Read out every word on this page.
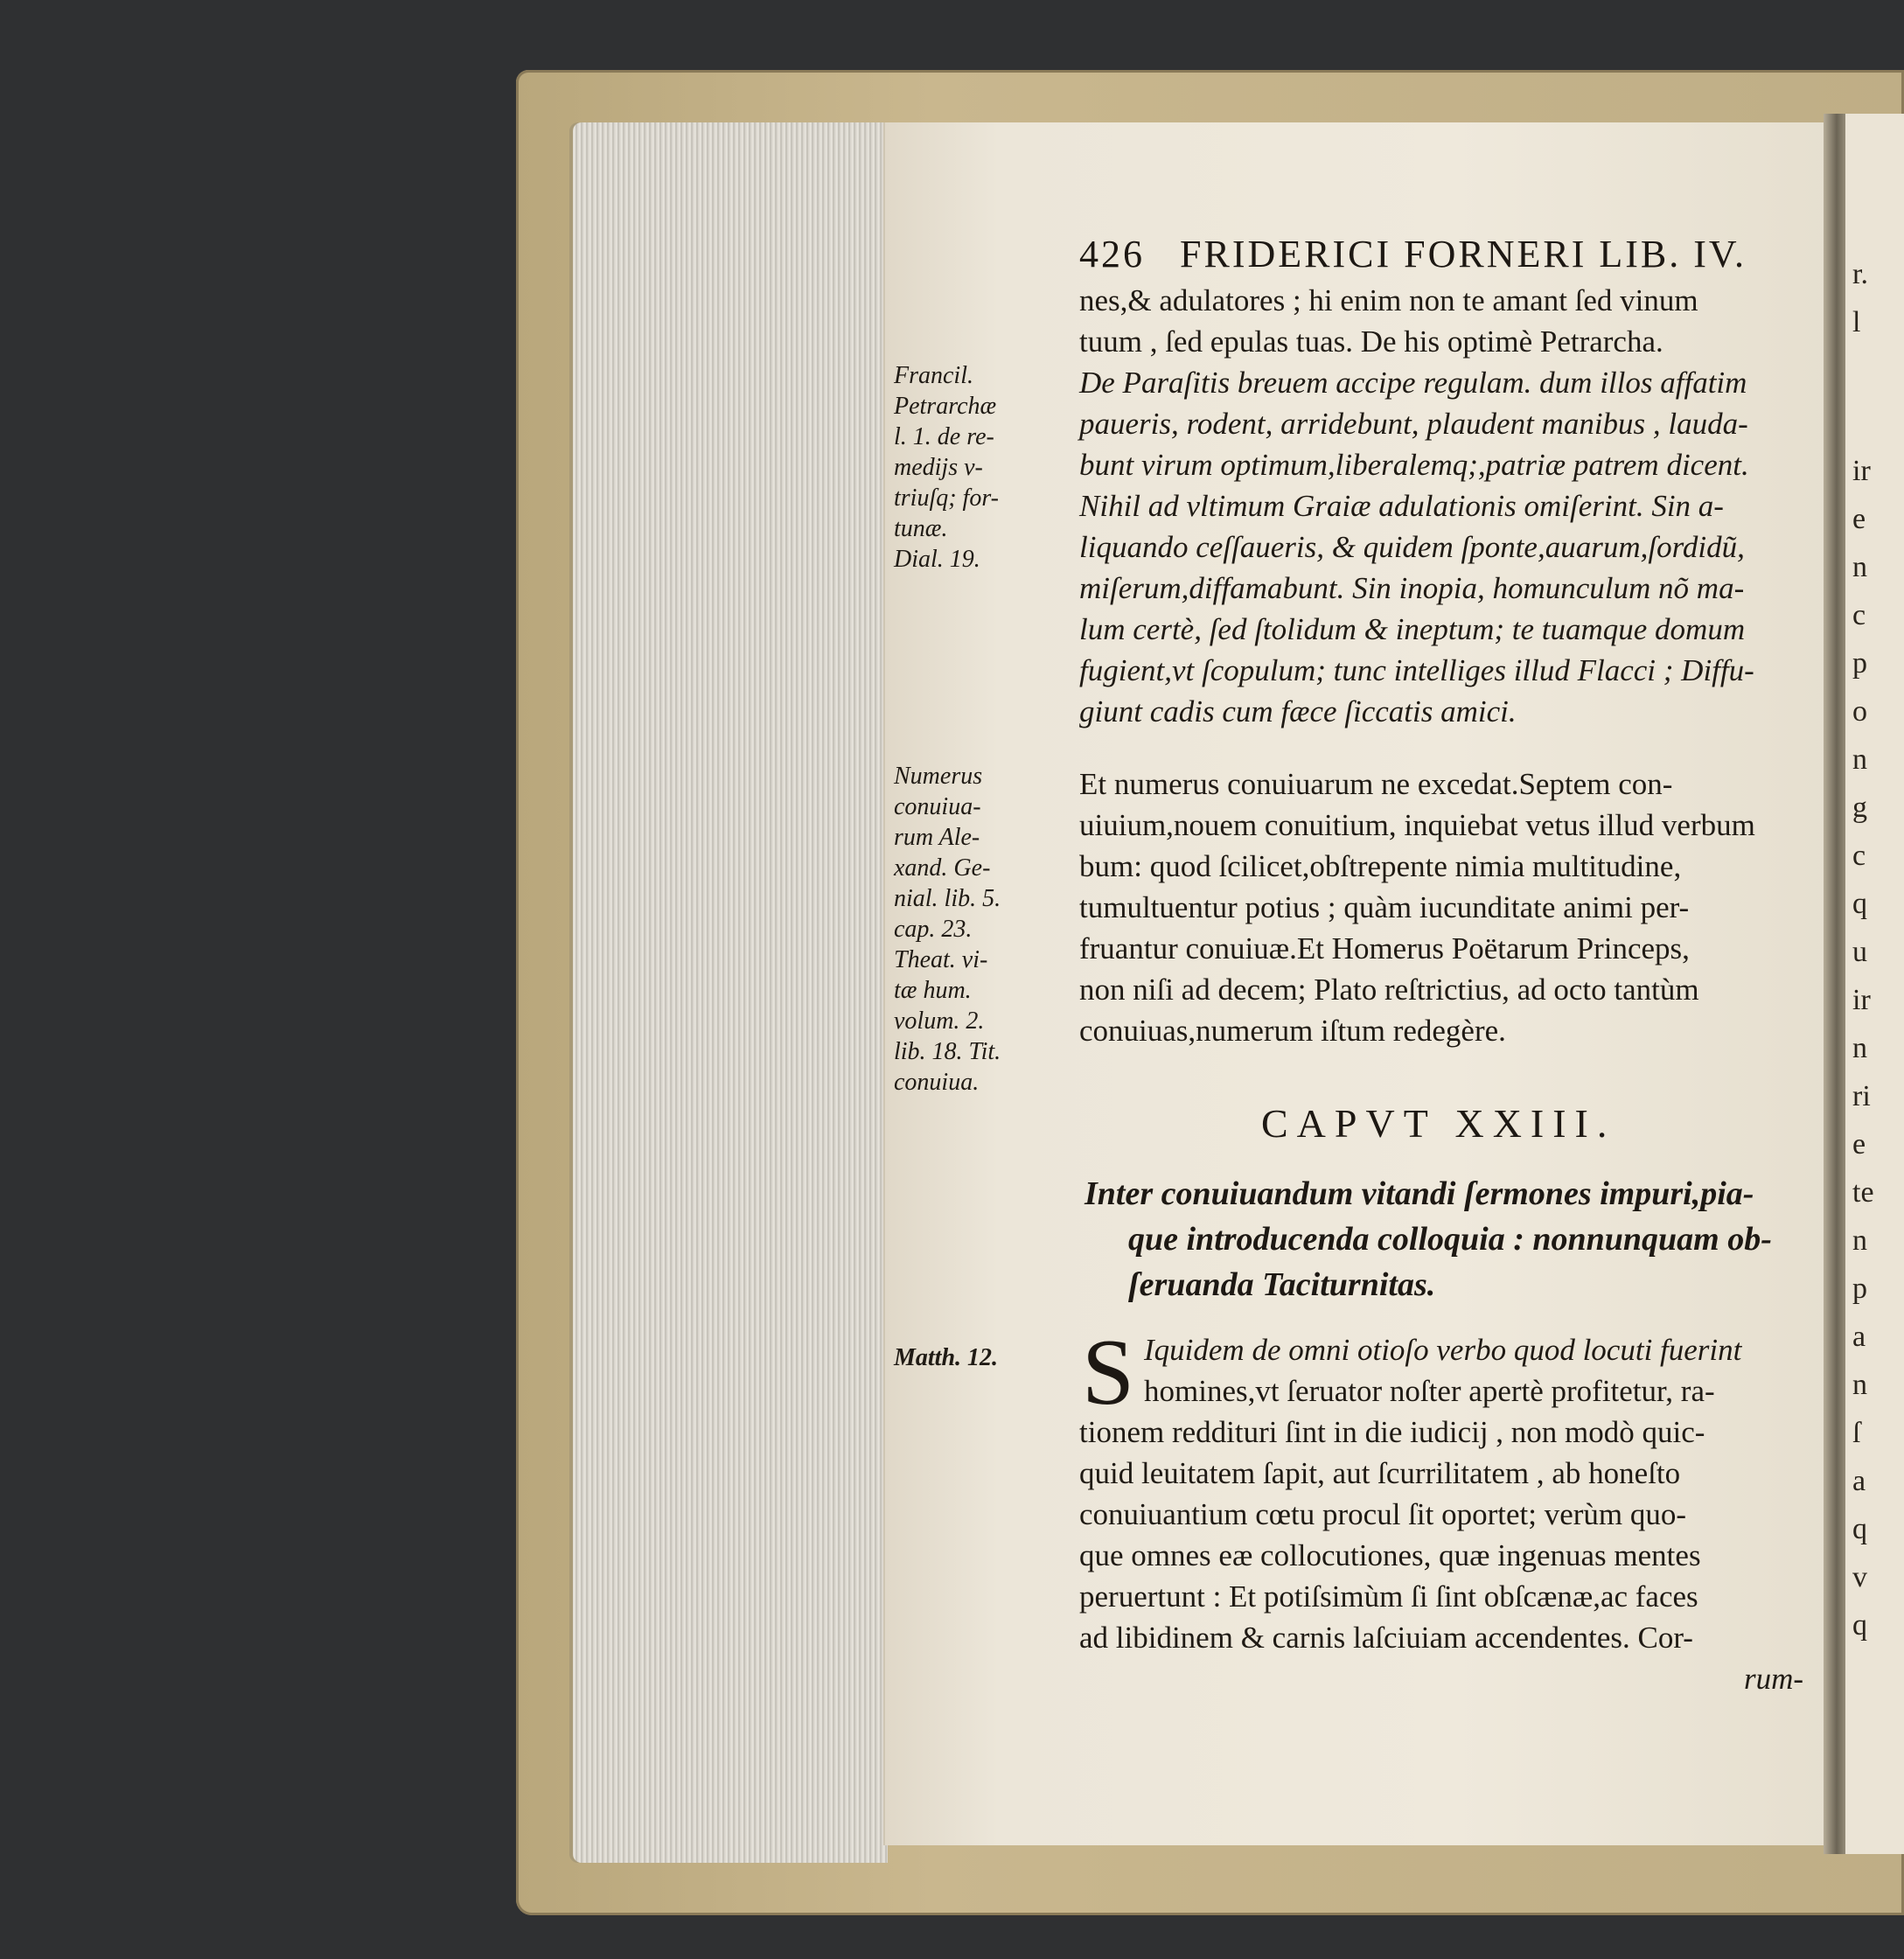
426 FRIDERICI FORNERI LIB. IV.
Francil.
Petrarchæ
l. 1. de re-
medijs v-
triuſq; for-
tunæ.
Dial. 19.
Numerus
conuiua-
rum Ale-
xand. Ge-
nial. lib. 5.
cap. 23.
Theat. vi-
tæ hum.
volum. 2.
lib. 18. Tit.
conuiua.
Matth. 12.
nes,& adulatores ; hi enim non te amant ſed vinum
tuum , ſed epulas tuas. De his optimè Petrarcha.
De Paraſitis breuem accipe regulam. dum illos affatim
paueris, rodent, arridebunt, plaudent manibus , lauda-
bunt virum optimum,liberalemq;,patriæ patrem dicent.
Nihil ad vltimum Graiæ adulationis omiſerint. Sin a-
liquando ceſſaueris, & quidem ſponte,auarum,ſordidũ,
miſerum,diffamabunt. Sin inopia, homunculum nõ ma-
lum certè, ſed ſtolidum & ineptum; te tuamque domum
fugient,vt ſcopulum; tunc intelliges illud Flacci ; Diffu-
giunt cadis cum fæce ſiccatis amici.
Et numerus conuiuarum ne excedat.Septem con-
uiuium,nouem conuitium, inquiebat vetus illud verbum
bum: quod ſcilicet,obſtrepente nimia multitudine,
tumultuentur potius ; quàm iucunditate animi per-
fruantur conuiuæ.Et Homerus Poëtarum Princeps,
non niſi ad decem; Plato reſtrictius, ad octo tantùm
conuiuas,numerum iſtum redegère.
CAPVT XXIII.
Inter conuiuandum vitandi ſermones impuri,pia-
que introducenda colloquia : nonnunquam ob-
ſeruanda Taciturnitas.
S Iquidem de omni otioſo verbo quod locuti fuerint
homines,vt ſeruator noſter apertè profitetur, ra-
tionem reddituri ſint in die iudicij , non modò quic-
quid leuitatem ſapit, aut ſcurrilitatem , ab honeſto
conuiuantium cœtu procul ſit oportet; verùm quo-
que omnes eæ collocutiones, quæ ingenuas mentes
peruertunt : Et potiſsimùm ſi ſint obſcænæ,ac faces
ad libidinem & carnis laſciuiam accendentes. Cor-
rum-
r.
l
ir
e
n
c
p
o
n
g
c
q
u
ir
n
ri
e
te
n
p
a
n
ſ
a
q
v
q
